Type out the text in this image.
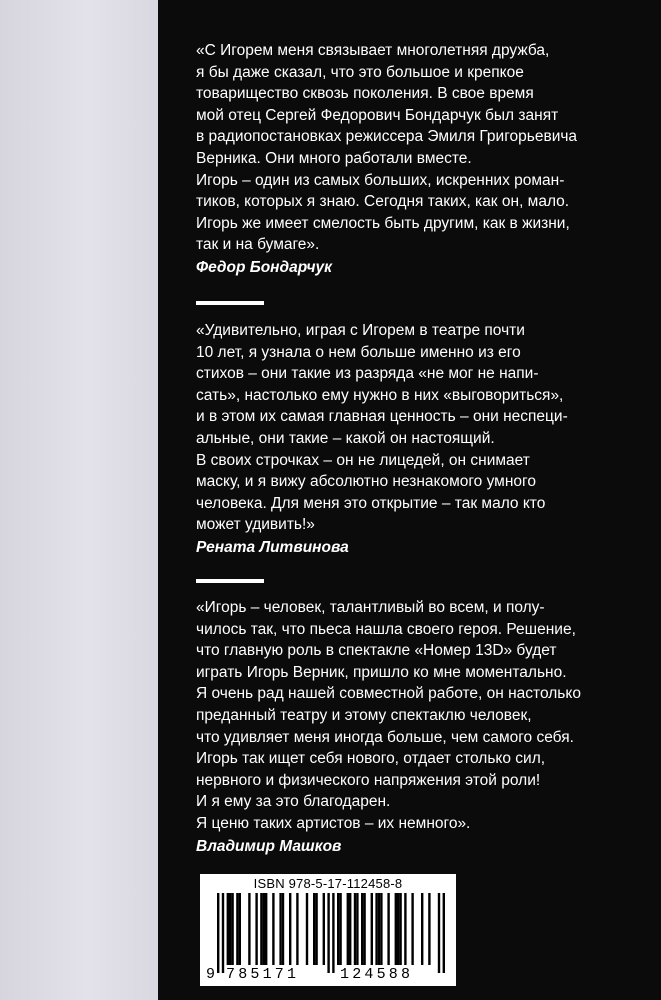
«С Игорем меня связывает многолетняя дружба,
я бы даже сказал, что это большое и крепкое
товарищество сквозь поколения. В свое время
мой отец Сергей Федорович Бондарчук был занят
в радиопостановках режиссера Эмиля Григорьевича
Верника. Они много работали вместе.
Игорь – один из самых больших, искренних роман-
тиков, которых я знаю. Сегодня таких, как он, мало.
Игорь же имеет смелость быть другим, как в жизни,
так и на бумаге».
Федор Бондарчук
«Удивительно, играя с Игорем в театре почти
10 лет, я узнала о нем больше именно из его
стихов – они такие из разряда «не мог не напи-
сать», настолько ему нужно в них «выговориться»,
и в этом их самая главная ценность – они неспеци-
альные, они такие – какой он настоящий.
В своих строчках – он не лицедей, он снимает
маску, и я вижу абсолютно незнакомого умного
человека. Для меня это открытие – так мало кто
может удивить!»
Рената Литвинова
«Игорь – человек, талантливый во всем, и полу-
чилось так, что пьеса нашла своего героя. Решение,
что главную роль в спектакле «Номер 13D» будет
играть Игорь Верник, пришло ко мне моментально.
Я очень рад нашей совместной работе, он настолько
преданный театру и этому спектаклю человек,
что удивляет меня иногда больше, чем самого себя.
Игорь так ищет себя нового, отдает столько сил,
нервного и физического напряжения этой роли!
И я ему за это благодарен.
Я ценю таких артистов – их немного».
Владимир Машков
ISBN 978-5-17-112458-8
9 785171	124588
